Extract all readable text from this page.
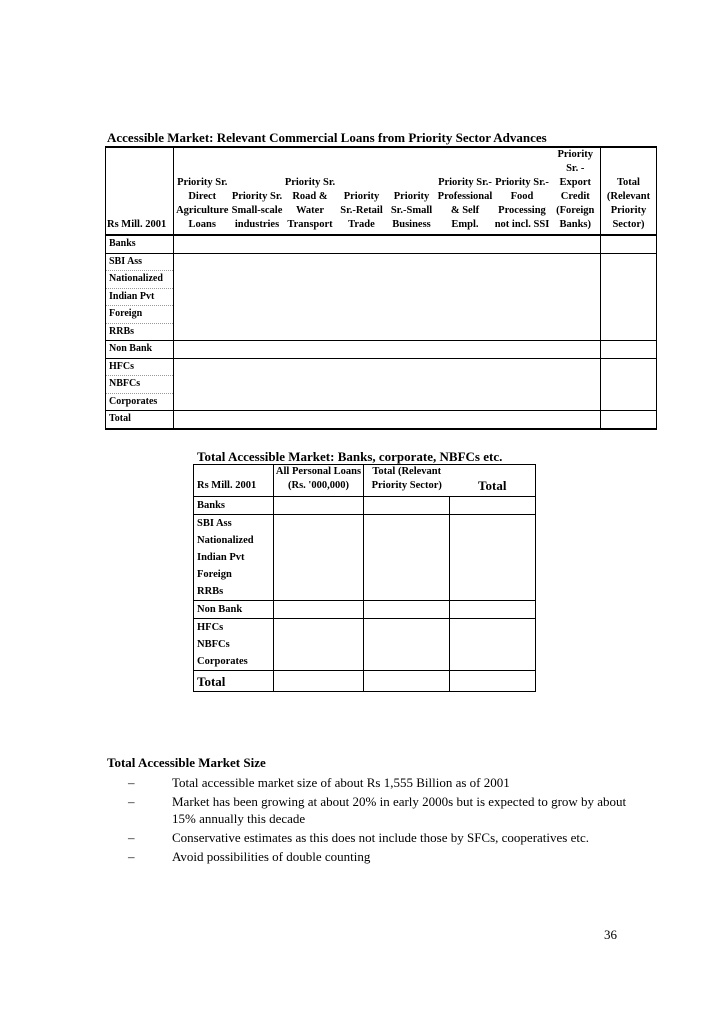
Accessible Market: Relevant Commercial Loans from Priority Sector Advances
Rs Mill. 2001	Priority Sr. Direct Agriculture Loans	Priority Sr. Small-scale industries	Priority Sr. Road & Water Transport	Priority Sr.-Retail Trade	Priority Sr.-Small Business	Priority Sr.-Professional & Self Empl.	Priority Sr.-Food Processing not incl. SSI	Priority Sr. - Export Credit (Foreign Banks)	Total (Relevant Priority Sector)
Banks									
SBI Ass									
Nationalized									
Indian Pvt									
Foreign									
RRBs									
Non Bank									
HFCs									
NBFCs									
Corporates									
Total									
Total Accessible Market: Banks, corporate, NBFCs etc.
Rs Mill. 2001	All Personal Loans (Rs. '000,000)	Total (Relevant Priority Sector)	Total
Banks			
SBI Ass			
Nationalized			
Indian Pvt			
Foreign			
RRBs			
Non Bank			
HFCs			
NBFCs			
Corporates			
Total			
Total Accessible Market Size
–	Total accessible market size of about Rs 1,555 Billion as of 2001
–	Market has been growing at about 20% in early 2000s but is expected to grow by about 15% annually this decade
–	Conservative estimates as this does not include those by SFCs, cooperatives etc.
–	Avoid possibilities of double counting
36
